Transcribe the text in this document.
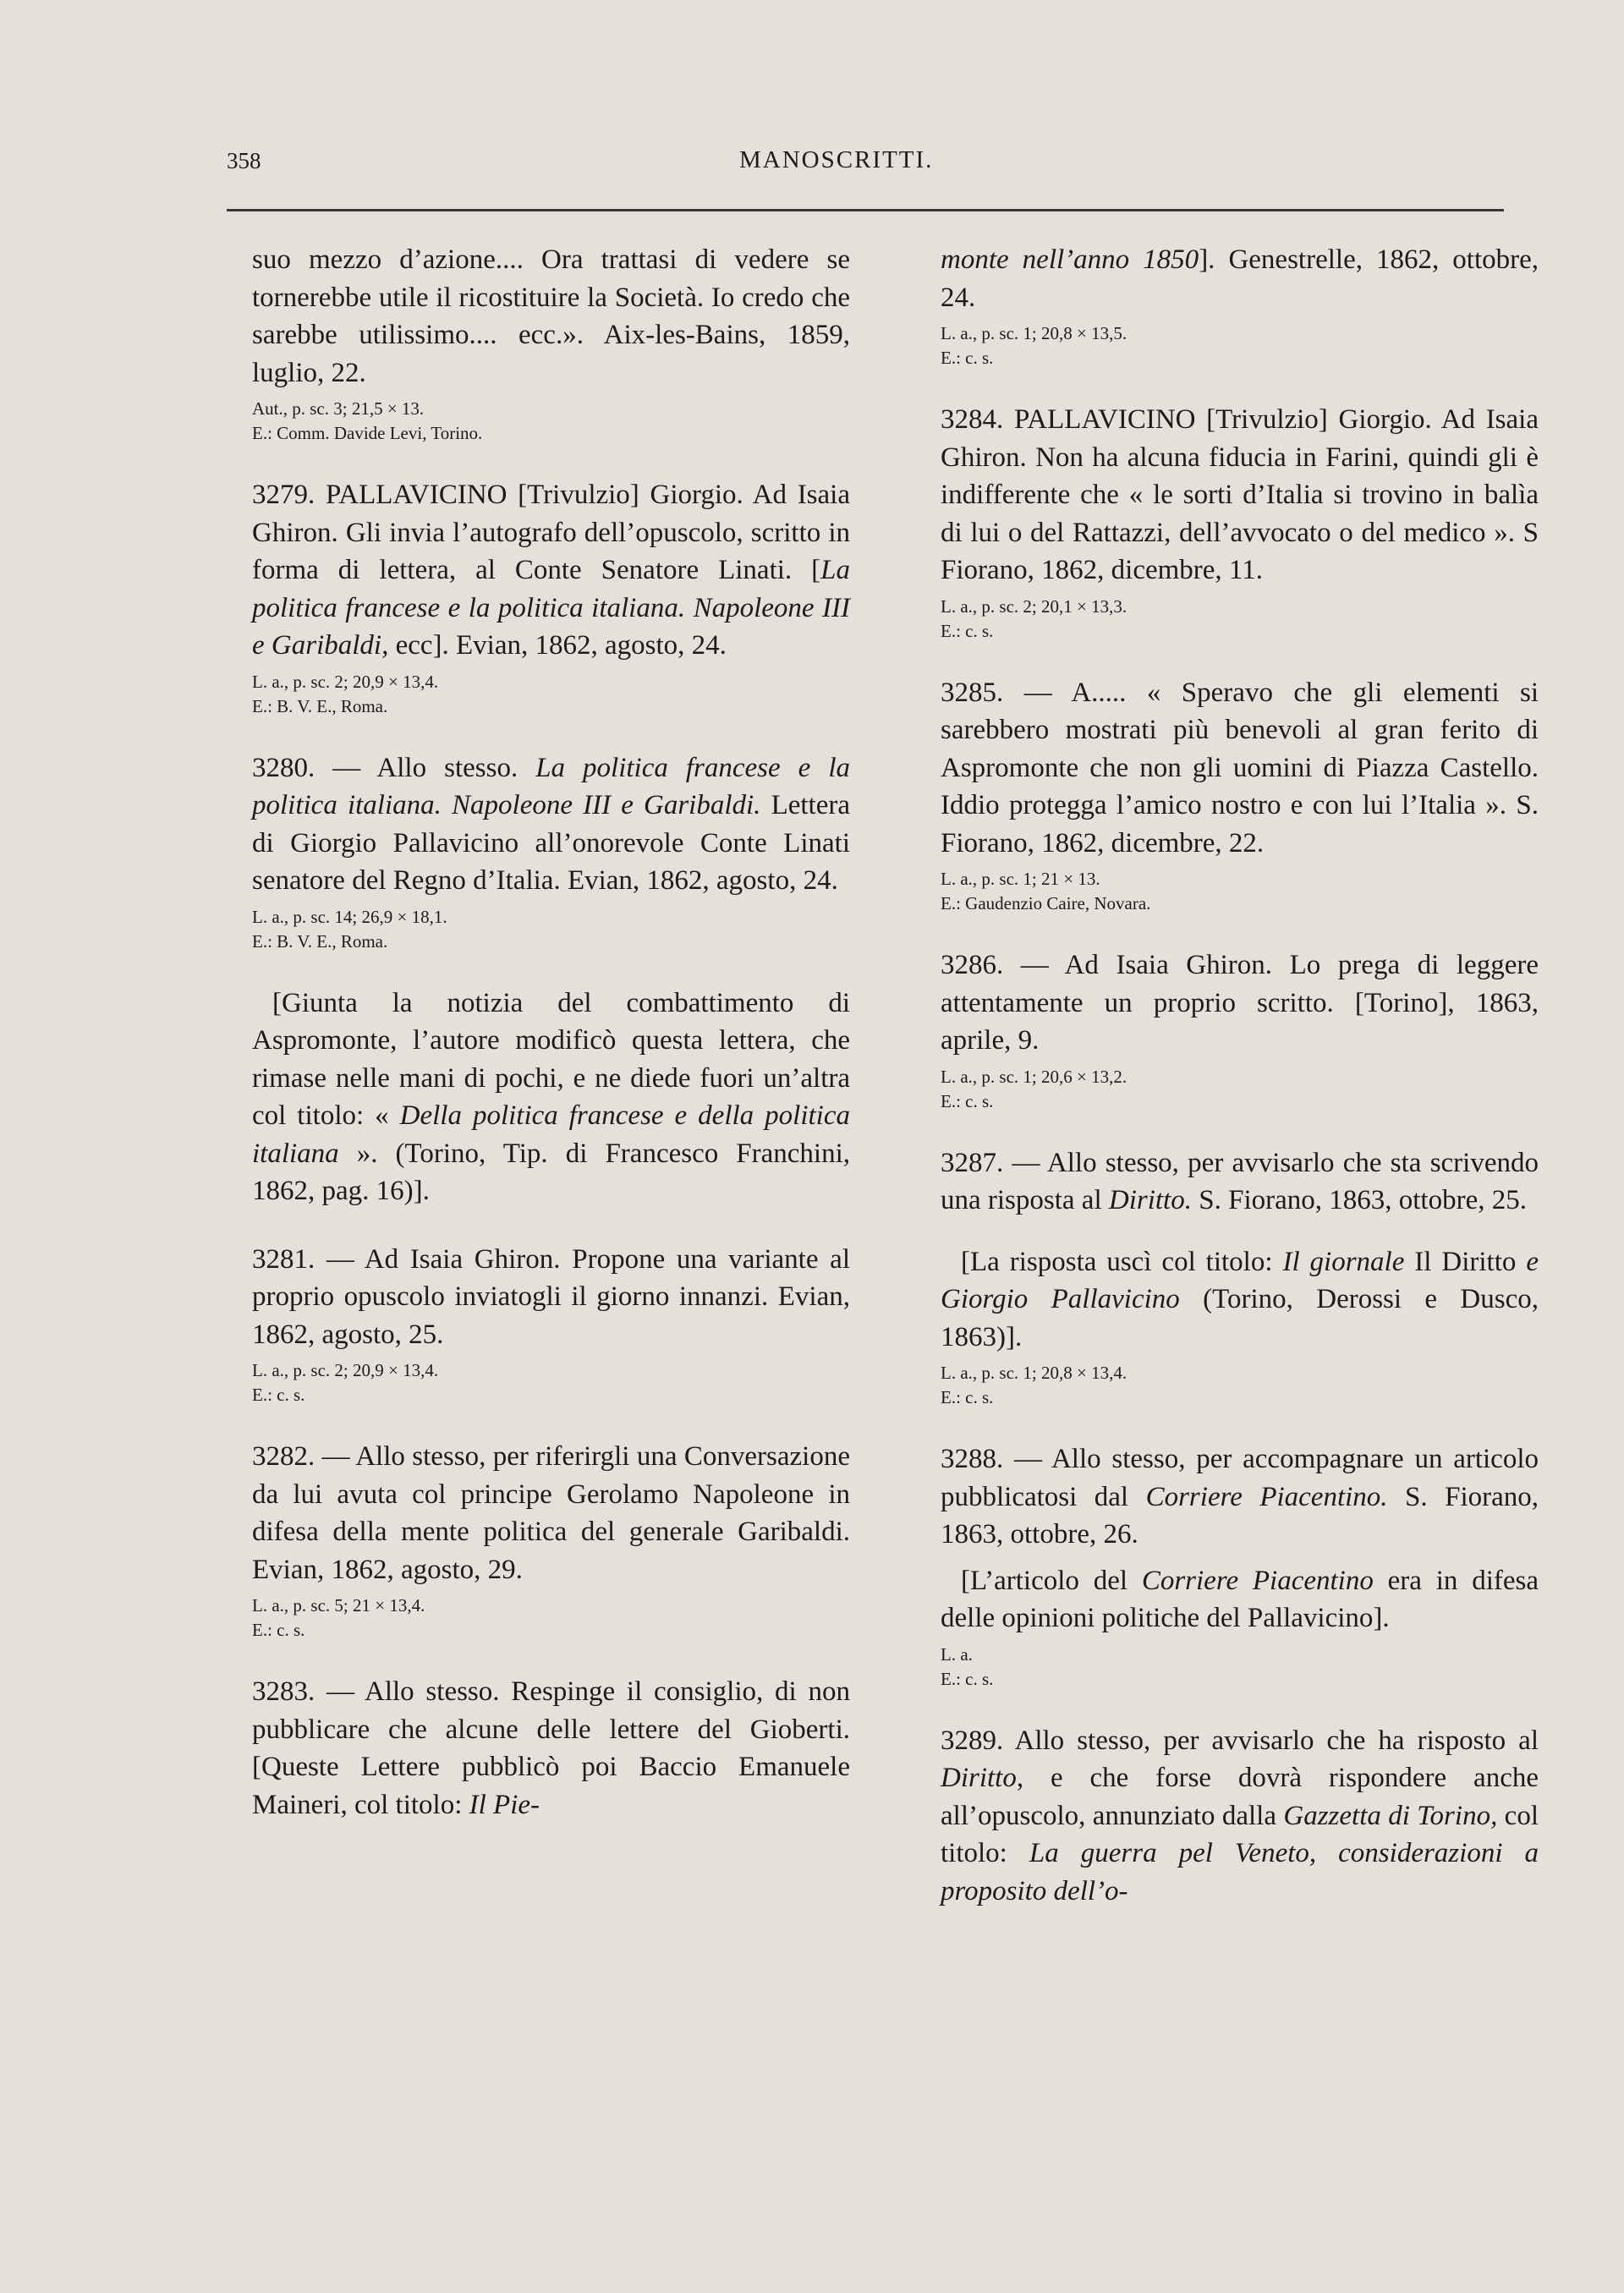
358	MANOSCRITTI.

suo mezzo d’azione.... Ora trattasi di vedere se tornerebbe utile il ricostituire la Società. Io credo che sarebbe utilissimo.... ecc.». Aix-les-Bains, 1859, luglio, 22.

Aut., p. sc. 3; 21,5 × 13.

E.: Comm. Davide Levi, Torino.

3279. PALLAVICINO [Trivulzio] Giorgio. Ad Isaia Ghiron. Gli invia l’autografo dell’opuscolo, scritto in forma di lettera, al Conte Senatore Linati. [La politica francese e la politica italiana. Napoleone III e Garibaldi, ecc]. Evian, 1862, agosto, 24.

L. a., p. sc. 2; 20,9 × 13,4.

E.: B. V. E., Roma.

3280. — Allo stesso. La politica francese e la politica italiana. Napoleone III e Garibaldi. Lettera di Giorgio Pallavicino all’onorevole Conte Linati senatore del Regno d’Italia. Evian, 1862, agosto, 24.

L. a., p. sc. 14; 26,9 × 18,1.

E.: B. V. E., Roma.

[Giunta la notizia del combattimento di Aspromonte, l’autore modificò questa lettera, che rimase nelle mani di pochi, e ne diede fuori un’altra col titolo: « Della politica francese e della politica italiana ». (Torino, Tip. di Francesco Franchini, 1862, pag. 16)].

3281. — Ad Isaia Ghiron. Propone una variante al proprio opuscolo inviatogli il giorno innanzi. Evian, 1862, agosto, 25.

L. a., p. sc. 2; 20,9 × 13,4.

E.: c. s.

3282. — Allo stesso, per riferirgli una Conversazione da lui avuta col principe Gerolamo Napoleone in difesa della mente politica del generale Garibaldi. Evian, 1862, agosto, 29.

L. a., p. sc. 5; 21 × 13,4.

E.: c. s.

3283. — Allo stesso. Respinge il consiglio, di non pubblicare che alcune delle lettere del Gioberti. [Queste Lettere pubblicò poi Baccio Emanuele Maineri, col titolo: Il Pie-

monte nell’anno 1850]. Genestrelle, 1862, ottobre, 24.

L. a., p. sc. 1; 20,8 × 13,5.

E.: c. s.

3284. PALLAVICINO [Trivulzio] Giorgio. Ad Isaia Ghiron. Non ha alcuna fiducia in Farini, quindi gli è indifferente che « le sorti d’Italia si trovino in balìa di lui o del Rattazzi, dell’avvocato o del medico ». S Fiorano, 1862, dicembre, 11.

L. a., p. sc. 2; 20,1 × 13,3.

E.: c. s.

3285. — A..... « Speravo che gli elementi si sarebbero mostrati più benevoli al gran ferito di Aspromonte che non gli uomini di Piazza Castello. Iddio protegga l’amico nostro e con lui l’Italia ». S. Fiorano, 1862, dicembre, 22.

L. a., p. sc. 1; 21 × 13.

E.: Gaudenzio Caire, Novara.

3286. — Ad Isaia Ghiron. Lo prega di leggere attentamente un proprio scritto. [Torino], 1863, aprile, 9.

L. a., p. sc. 1; 20,6 × 13,2.

E.: c. s.

3287. — Allo stesso, per avvisarlo che sta scrivendo una risposta al Diritto. S. Fiorano, 1863, ottobre, 25.

[La risposta uscì col titolo: Il giornale Il Diritto e Giorgio Pallavicino (Torino, Derossi e Dusco, 1863)].

L. a., p. sc. 1; 20,8 × 13,4.

E.: c. s.

3288. — Allo stesso, per accompagnare un articolo pubblicatosi dal Corriere Piacentino. S. Fiorano, 1863, ottobre, 26.

[L’articolo del Corriere Piacentino era in difesa delle opinioni politiche del Pallavicino].

L. a.

E.: c. s.

3289. Allo stesso, per avvisarlo che ha risposto al Diritto, e che forse dovrà rispondere anche all’opuscolo, annunziato dalla Gazzetta di Torino, col titolo: La guerra pel Veneto, considerazioni a proposito dell’o-
